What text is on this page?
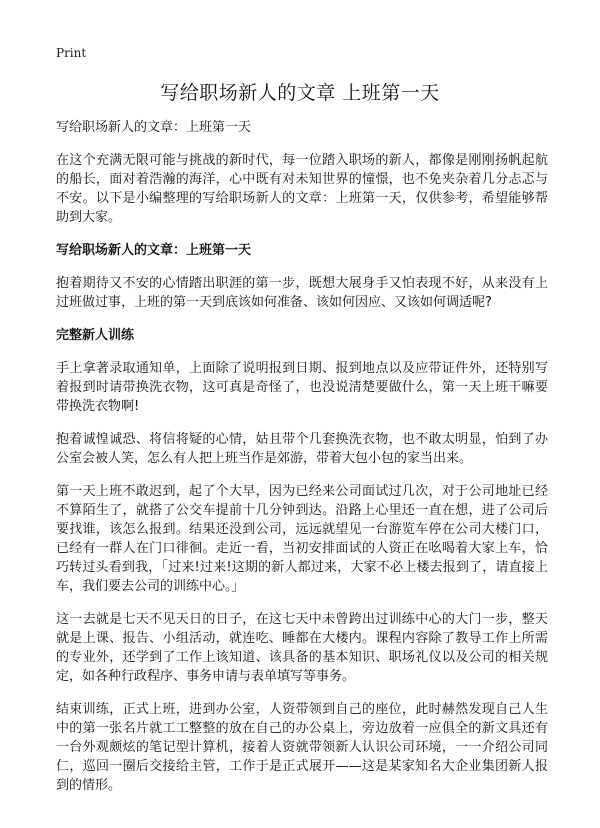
Print
写给职场新人的文章 上班第一天

写给职场新人的文章：上班第一天

在这个充满无限可能与挑战的新时代，每一位踏入职场的新人，都像是刚刚扬帆起航的船长，面对着浩瀚的海洋，心中既有对未知世界的憧憬，也不免夹杂着几分忐忑与不安。以下是小编整理的写给职场新人的文章：上班第一天，仅供参考，希望能够帮助到大家。

写给职场新人的文章：上班第一天

抱着期待又不安的心情踏出职涯的第一步，既想大展身手又怕表现不好，从来没有上过班做过事，上班的第一天到底该如何准备、该如何因应、又该如何调适呢?

完整新人训练

手上拿著录取通知单，上面除了说明报到日期、报到地点以及应带证件外，还特别写着报到时请带换洗衣物，这可真是奇怪了，也没说清楚要做什么，第一天上班干嘛要带换洗衣物啊!

抱着诚惶诚恐、将信将疑的心情，姑且带个几套换洗衣物，也不敢太明显，怕到了办公室会被人笑，怎么有人把上班当作是郊游，带着大包小包的家当出来。

第一天上班不敢迟到，起了个大早，因为已经来公司面试过几次，对于公司地址已经不算陌生了，就搭了公交车提前十几分钟到达。沿路上心里还一直在想，进了公司后要找谁，该怎么报到。结果还没到公司，远远就望见一台游览车停在公司大楼门口，已经有一群人在门口徘徊。走近一看，当初安排面试的人资正在吆喝着大家上车，恰巧转过头看到我，「过来!过来!这期的新人都过来，大家不必上楼去报到了，请直接上车，我们要去公司的训练中心。」

这一去就是七天不见天日的日子，在这七天中未曾跨出过训练中心的大门一步，整天就是上课、报告、小组活动，就连吃、睡都在大楼内。课程内容除了教导工作上所需的专业外，还学到了工作上该知道、该具备的基本知识、职场礼仪以及公司的相关规定，如各种行政程序、事务申请与表单填写等事务。

结束训练，正式上班，进到办公室，人资带领到自己的座位，此时赫然发现自己人生中的第一张名片就工工整整的放在自己的办公桌上，旁边放着一应俱全的新文具还有一台外观颇炫的笔记型计算机，接着人资就带领新人认识公司环境，一一介绍公司同仁，巡回一圈后交接给主管，工作于是正式展开——这是某家知名大企业集团新人报到的情形。
